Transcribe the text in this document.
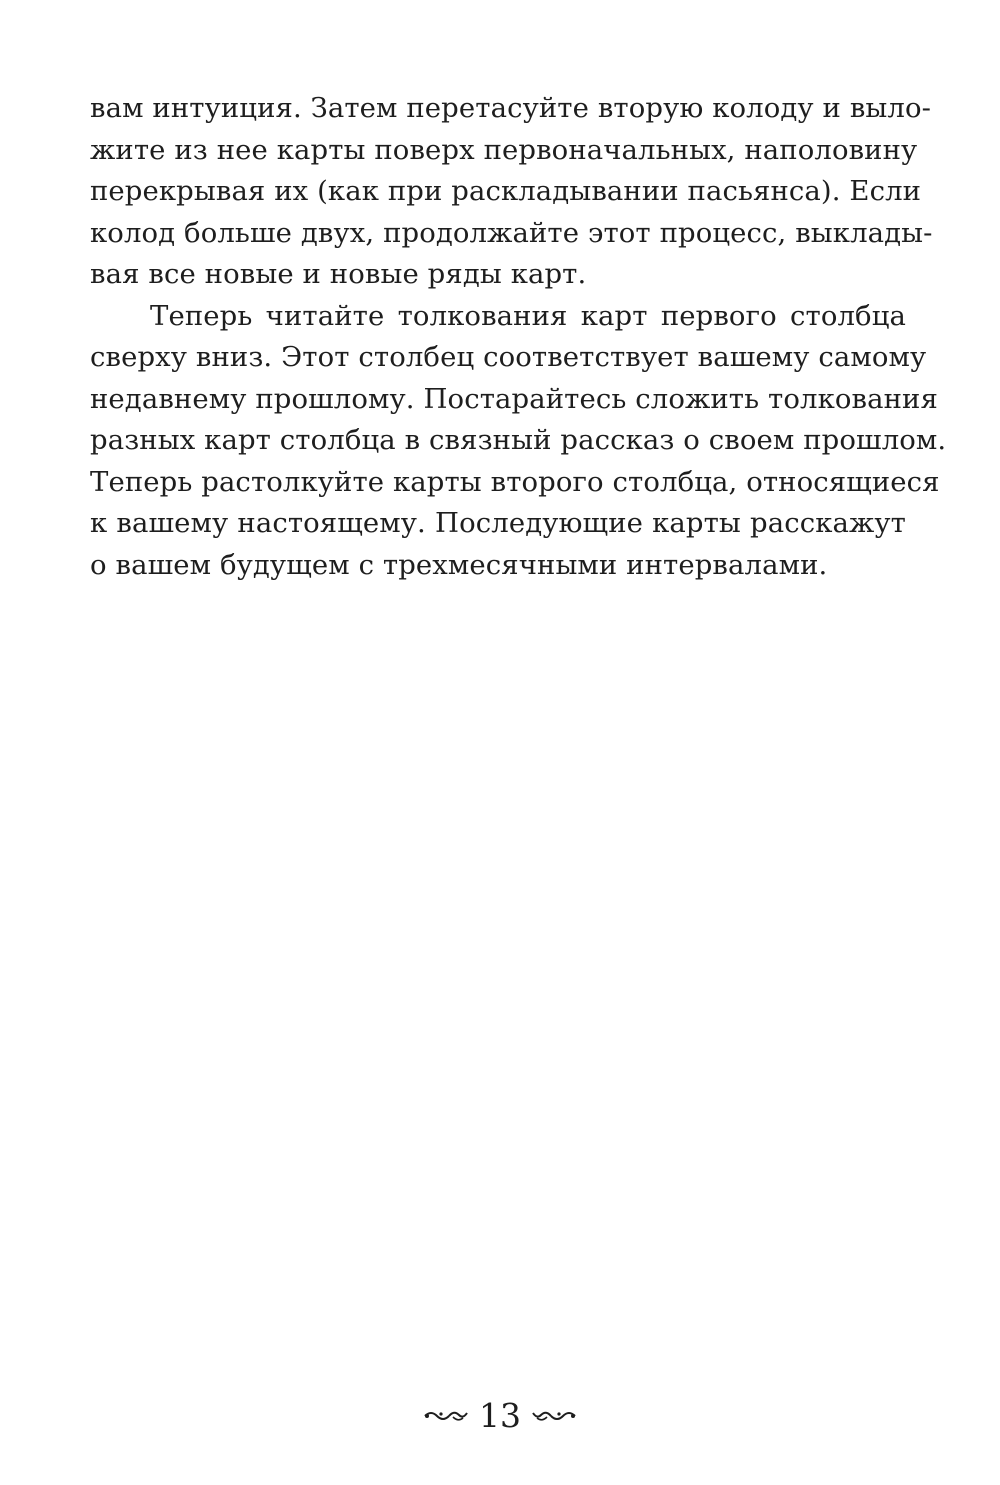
вам интуиция. Затем перетасуйте вторую колоду и выло-
жите из нее карты поверх первоначальных, наполовину
перекрывая их (как при раскладывании пасьянса). Если
колод больше двух, продолжайте этот процесс, выклады-
вая все новые и новые ряды карт.
Теперь читайте толкования карт первого столбца
сверху вниз. Этот столбец соответствует вашему самому
недавнему прошлому. Постарайтесь сложить толкования
разных карт столбца в связный рассказ о своем прошлом.
Теперь растолкуйте карты второго столбца, относящиеся
к вашему настоящему. Последующие карты расскажут
о вашем будущем с трехмесячными интервалами.
13
